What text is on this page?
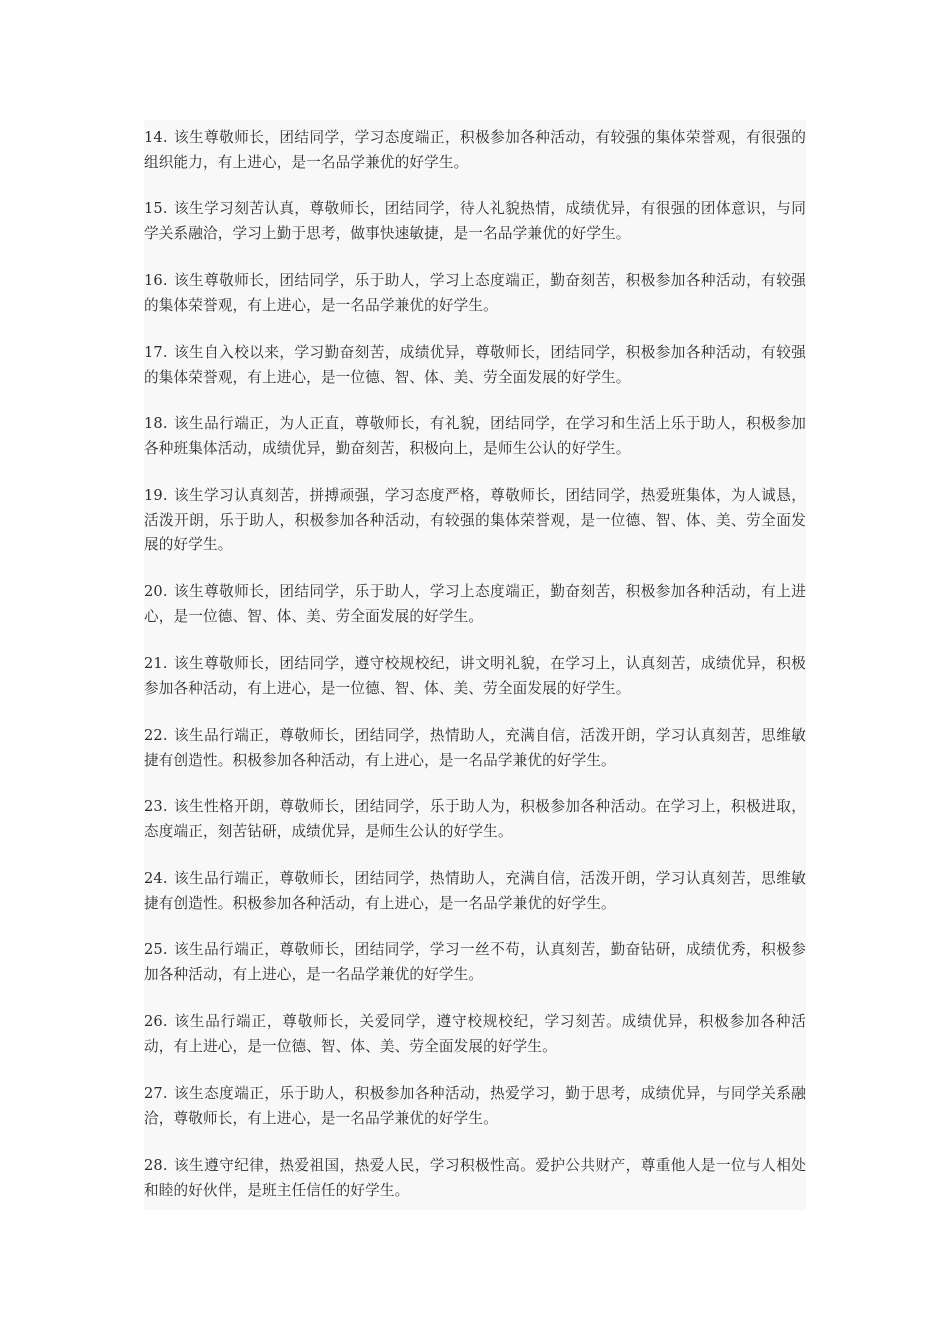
14. 该生尊敬师长，团结同学，学习态度端正，积极参加各种活动，有较强的集体荣誉观，有很强的组织能力，有上进心，是一名品学兼优的好学生。

15. 该生学习刻苦认真，尊敬师长，团结同学，待人礼貌热情，成绩优异，有很强的团体意识，与同学关系融洽，学习上勤于思考，做事快速敏捷，是一名品学兼优的好学生。

16. 该生尊敬师长，团结同学，乐于助人，学习上态度端正，勤奋刻苦，积极参加各种活动，有较强的集体荣誉观，有上进心，是一名品学兼优的好学生。

17. 该生自入校以来，学习勤奋刻苦，成绩优异，尊敬师长，团结同学，积极参加各种活动，有较强的集体荣誉观，有上进心，是一位德、智、体、美、劳全面发展的好学生。

18. 该生品行端正，为人正直，尊敬师长，有礼貌，团结同学，在学习和生活上乐于助人，积极参加各种班集体活动，成绩优异，勤奋刻苦，积极向上，是师生公认的好学生。

19. 该生学习认真刻苦，拼搏顽强，学习态度严格，尊敬师长，团结同学，热爱班集体，为人诚恳，活泼开朗，乐于助人，积极参加各种活动，有较强的集体荣誉观，是一位德、智、体、美、劳全面发展的好学生。

20. 该生尊敬师长，团结同学，乐于助人，学习上态度端正，勤奋刻苦，积极参加各种活动，有上进心，是一位德、智、体、美、劳全面发展的好学生。

21. 该生尊敬师长，团结同学，遵守校规校纪，讲文明礼貌，在学习上，认真刻苦，成绩优异，积极参加各种活动，有上进心，是一位德、智、体、美、劳全面发展的好学生。

22. 该生品行端正，尊敬师长，团结同学，热情助人，充满自信，活泼开朗，学习认真刻苦，思维敏捷有创造性。积极参加各种活动，有上进心，是一名品学兼优的好学生。

23. 该生性格开朗，尊敬师长，团结同学，乐于助人为，积极参加各种活动。在学习上，积极进取，态度端正，刻苦钻研，成绩优异，是师生公认的好学生。

24. 该生品行端正，尊敬师长，团结同学，热情助人，充满自信，活泼开朗，学习认真刻苦，思维敏捷有创造性。积极参加各种活动，有上进心，是一名品学兼优的好学生。

25. 该生品行端正，尊敬师长，团结同学，学习一丝不苟，认真刻苦，勤奋钻研，成绩优秀，积极参加各种活动，有上进心，是一名品学兼优的好学生。

26. 该生品行端正，尊敬师长，关爱同学，遵守校规校纪，学习刻苦。成绩优异，积极参加各种活动，有上进心，是一位德、智、体、美、劳全面发展的好学生。

27. 该生态度端正，乐于助人，积极参加各种活动，热爱学习，勤于思考，成绩优异，与同学关系融洽，尊敬师长，有上进心，是一名品学兼优的好学生。

28. 该生遵守纪律，热爱祖国，热爱人民，学习积极性高。爱护公共财产，尊重他人是一位与人相处和睦的好伙伴，是班主任信任的好学生。
